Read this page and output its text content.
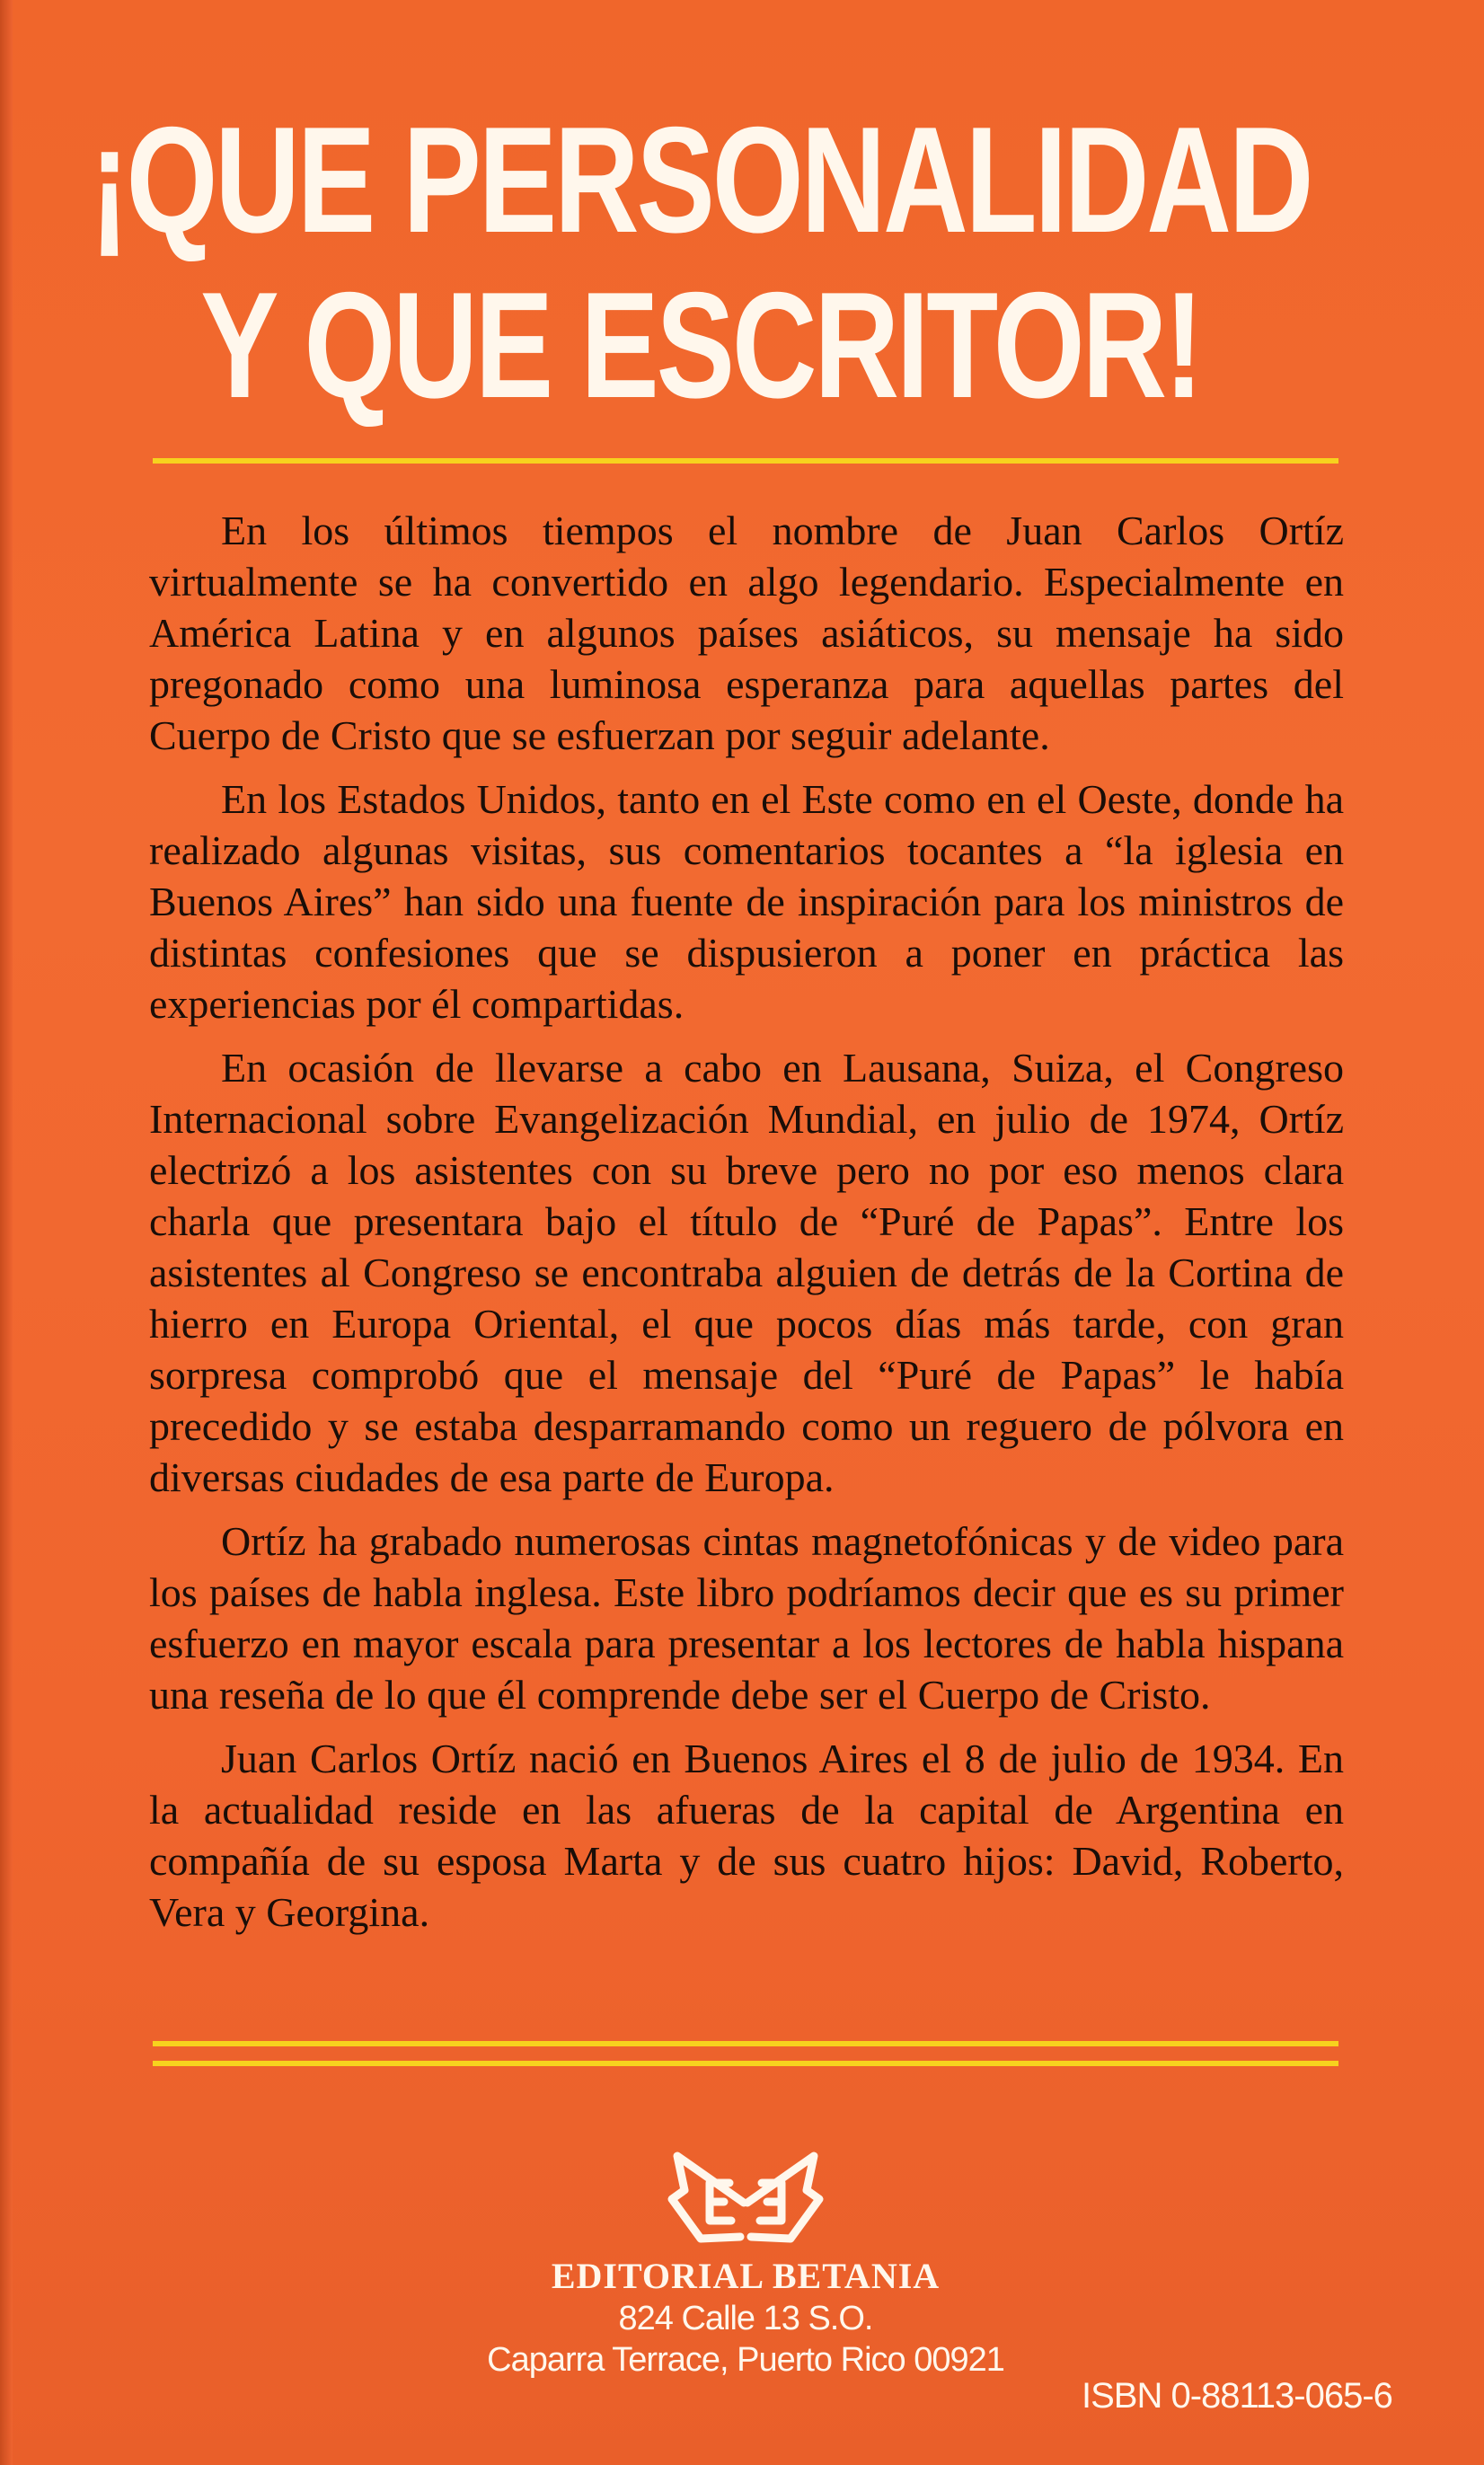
¡QUE PERSONALIDAD
Y QUE ESCRITOR!

En los últimos tiempos el nombre de Juan Carlos Ortíz virtualmente se ha convertido en algo legendario. Especialmente en América Latina y en algunos países asiáticos, su mensaje ha sido pregonado como una luminosa esperanza para aquellas partes del Cuerpo de Cristo que se esfuerzan por seguir adelante.

En los Estados Unidos, tanto en el Este como en el Oeste, donde ha realizado algunas visitas, sus comentarios tocantes a “la iglesia en Buenos Aires” han sido una fuente de inspiración para los ministros de distintas confesiones que se dispusieron a poner en práctica las experiencias por él compartidas.

En ocasión de llevarse a cabo en Lausana, Suiza, el Congreso Internacional sobre Evangelización Mundial, en julio de 1974, Ortíz electrizó a los asistentes con su breve pero no por eso menos clara charla que presentara bajo el título de “Puré de Papas”. Entre los asistentes al Congreso se encontraba alguien de detrás de la Cortina de hierro en Europa Oriental, el que pocos días más tarde, con gran sorpresa comprobó que el mensaje del “Puré de Papas” le había precedido y se estaba desparramando como un reguero de pólvora en diversas ciudades de esa parte de Europa.

Ortíz ha grabado numerosas cintas magnetofónicas y de video para los países de habla inglesa. Este libro podríamos decir que es su primer esfuerzo en mayor escala para presentar a los lectores de habla hispana una reseña de lo que él comprende debe ser el Cuerpo de Cristo.

Juan Carlos Ortíz nació en Buenos Aires el 8 de julio de 1934. En la actualidad reside en las afueras de la capital de Argentina en compañía de su esposa Marta y de sus cuatro hijos: David, Roberto, Vera y Georgina.

EDITORIAL BETANIA
824 Calle 13 S.O.
Caparra Terrace, Puerto Rico 00921
ISBN 0-88113-065-6
